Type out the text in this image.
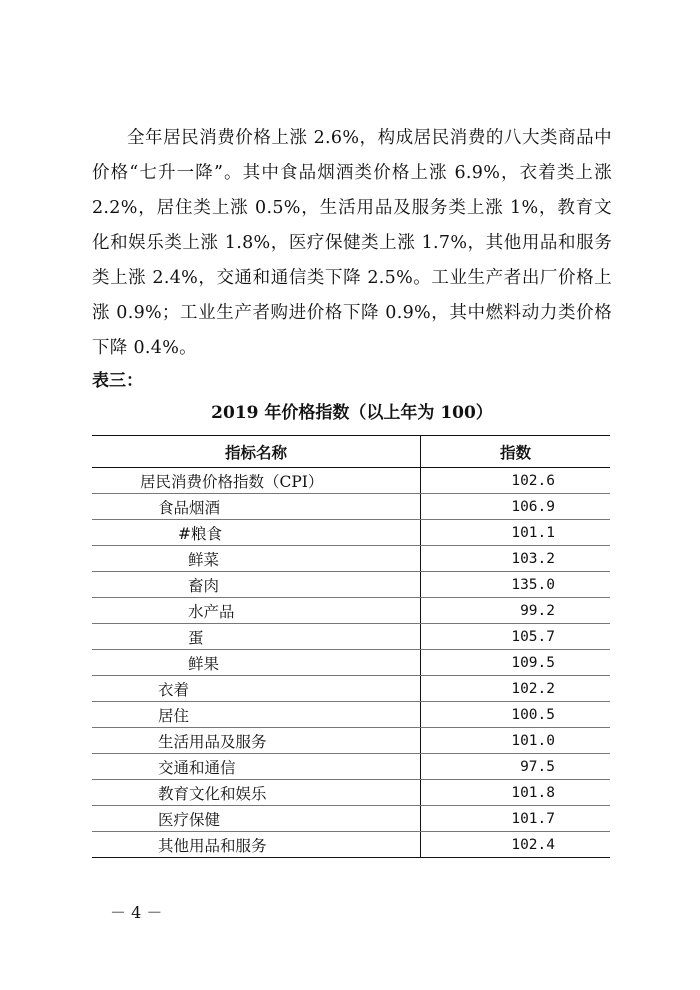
全年居民消费价格上涨 2.6%，构成居民消费的八大类商品中价格“七升一降”。其中食品烟酒类价格上涨 6.9%，衣着类上涨 2.2%，居住类上涨 0.5%，生活用品及服务类上涨 1%，教育文化和娱乐类上涨 1.8%，医疗保健类上涨 1.7%，其他用品和服务类上涨 2.4%，交通和通信类下降 2.5%。工业生产者出厂价格上涨 0.9%；工业生产者购进价格下降 0.9%，其中燃料动力类价格下降 0.4%。

表三：

2019 年价格指数（以上年为 100）

指标名称	指数
居民消费价格指数（CPI）	102.6
食品烟酒	106.9
#粮食	101.1
鲜菜	103.2
畜肉	135.0
水产品	99.2
蛋	105.7
鲜果	109.5
衣着	102.2
居住	100.5
生活用品及服务	101.0
交通和通信	97.5
教育文化和娱乐	101.8
医疗保健	101.7
其他用品和服务	102.4

－ 4 －
